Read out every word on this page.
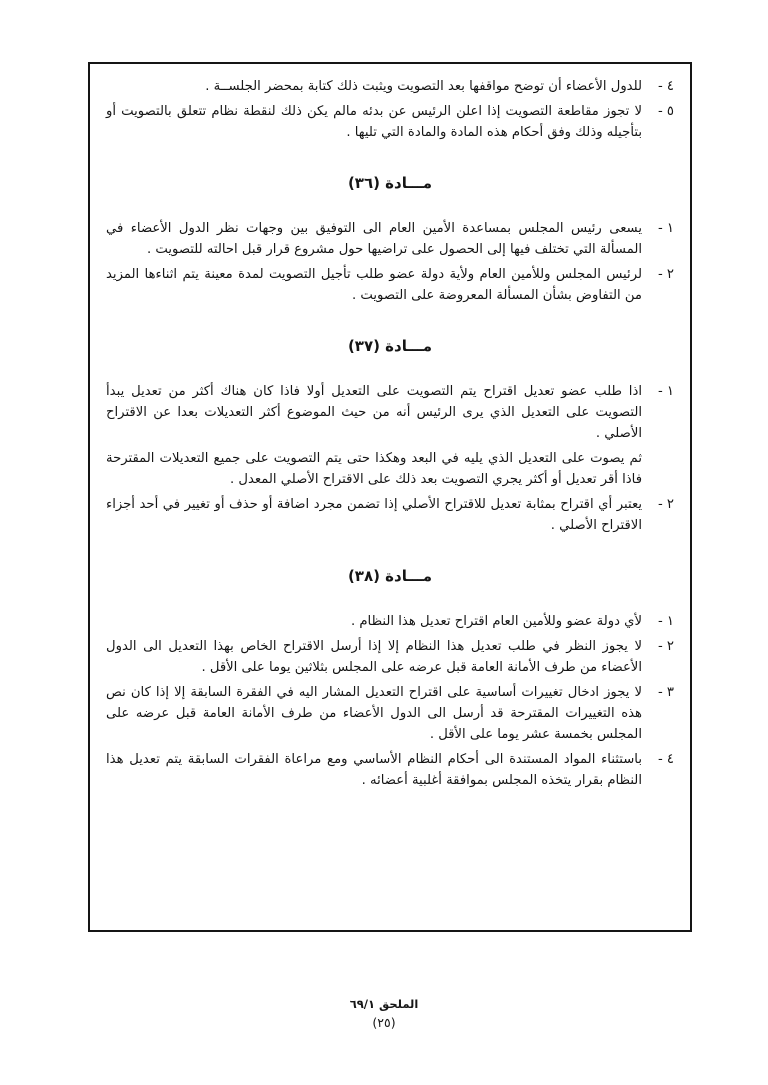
٤ -
للدول الأعضاء أن توضح مواقفها بعد التصويت ويثبت ذلك كتابة بمحضر الجلســة .
٥ -
لا تجوز مقاطعة التصويت إذا اعلن الرئيس عن بدئه مالم يكن ذلك لنقطة نظام تتعلق بالتصويت أو بتأجيله وذلك وفق أحكام هذه المادة والمادة التي تليها .
مـــادة (٣٦)
١ -
يسعى رئيس المجلس بمساعدة الأمين العام الى التوفيق بين وجهات نظر الدول الأعضاء في المسألة التي تختلف فيها إلى الحصول على تراضيها حول مشروع قرار قبل احالته للتصويت .
٢ -
لرئيس المجلس وللأمين العام ولأية دولة عضو طلب تأجيل التصويت لمدة معينة يتم اثناءها المزيد من التفاوض بشأن المسألة المعروضة على التصويت .
مـــادة (٣٧)
١ -
اذا طلب عضو تعديل اقتراح يتم التصويت على التعديل أولا فاذا كان هناك أكثر من تعديل يبدأ التصويت على التعديل الذي يرى الرئيس أنه من حيث الموضوع أكثر التعديلات بعدا عن الاقتراح الأصلي .
ثم يصوت على التعديل الذي يليه في البعد وهكذا حتى يتم التصويت على جميع التعديلات المقترحة فاذا أقر تعديل أو أكثر يجري التصويت بعد ذلك على الاقتراح الأصلي المعدل .
٢ -
يعتبر أي اقتراح بمثابة تعديل للاقتراح الأصلي إذا تضمن مجرد اضافة أو حذف أو تغيير في أحد أجزاء الاقتراح الأصلي .
مـــادة (٣٨)
١ -
لأي دولة عضو وللأمين العام اقتراح تعديل هذا النظام .
٢ -
لا يجوز النظر في طلب تعديل هذا النظام إلا إذا أرسل الاقتراح الخاص بهذا التعديل الى الدول الأعضاء من طرف الأمانة العامة قبل عرضه على المجلس بثلاثين يوما على الأقل .
٣ -
لا يجوز ادخال تغييرات أساسية على اقتراح التعديل المشار اليه في الفقرة السابقة إلا إذا كان نص هذه التغييرات المقترحة قد أرسل الى الدول الأعضاء من طرف الأمانة العامة قبل عرضه على المجلس بخمسة عشر يوما على الأقل .
٤ -
باستثناء المواد المستندة الى أحكام النظام الأساسي ومع مراعاة الفقرات السابقة يتم تعديل هذا النظام بقرار يتخذه المجلس بموافقة أغلبية أعضائه .
الملحق ٦٩/١
(٢٥)
